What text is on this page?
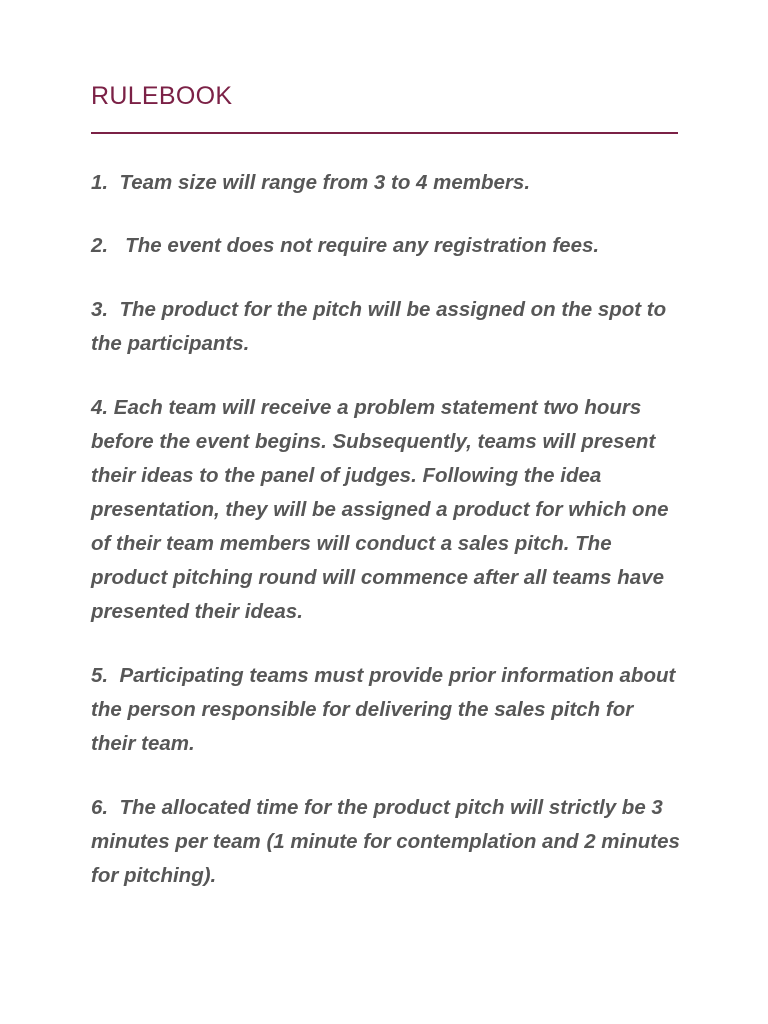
RULEBOOK

1.  Team size will range from 3 to 4 members.

2.   The event does not require any registration fees.

3.  The product for the pitch will be assigned on the spot to the participants.

4. Each team will receive a problem statement two hours before the event begins. Subsequently, teams will present their ideas to the panel of judges. Following the idea presentation, they will be assigned a product for which one of their team members will conduct a sales pitch. The product pitching round will commence after all teams have presented their ideas.

5.  Participating teams must provide prior information about the person responsible for delivering the sales pitch for their team.

6.  The allocated time for the product pitch will strictly be 3 minutes per team (1 minute for contemplation and 2 minutes for pitching).
